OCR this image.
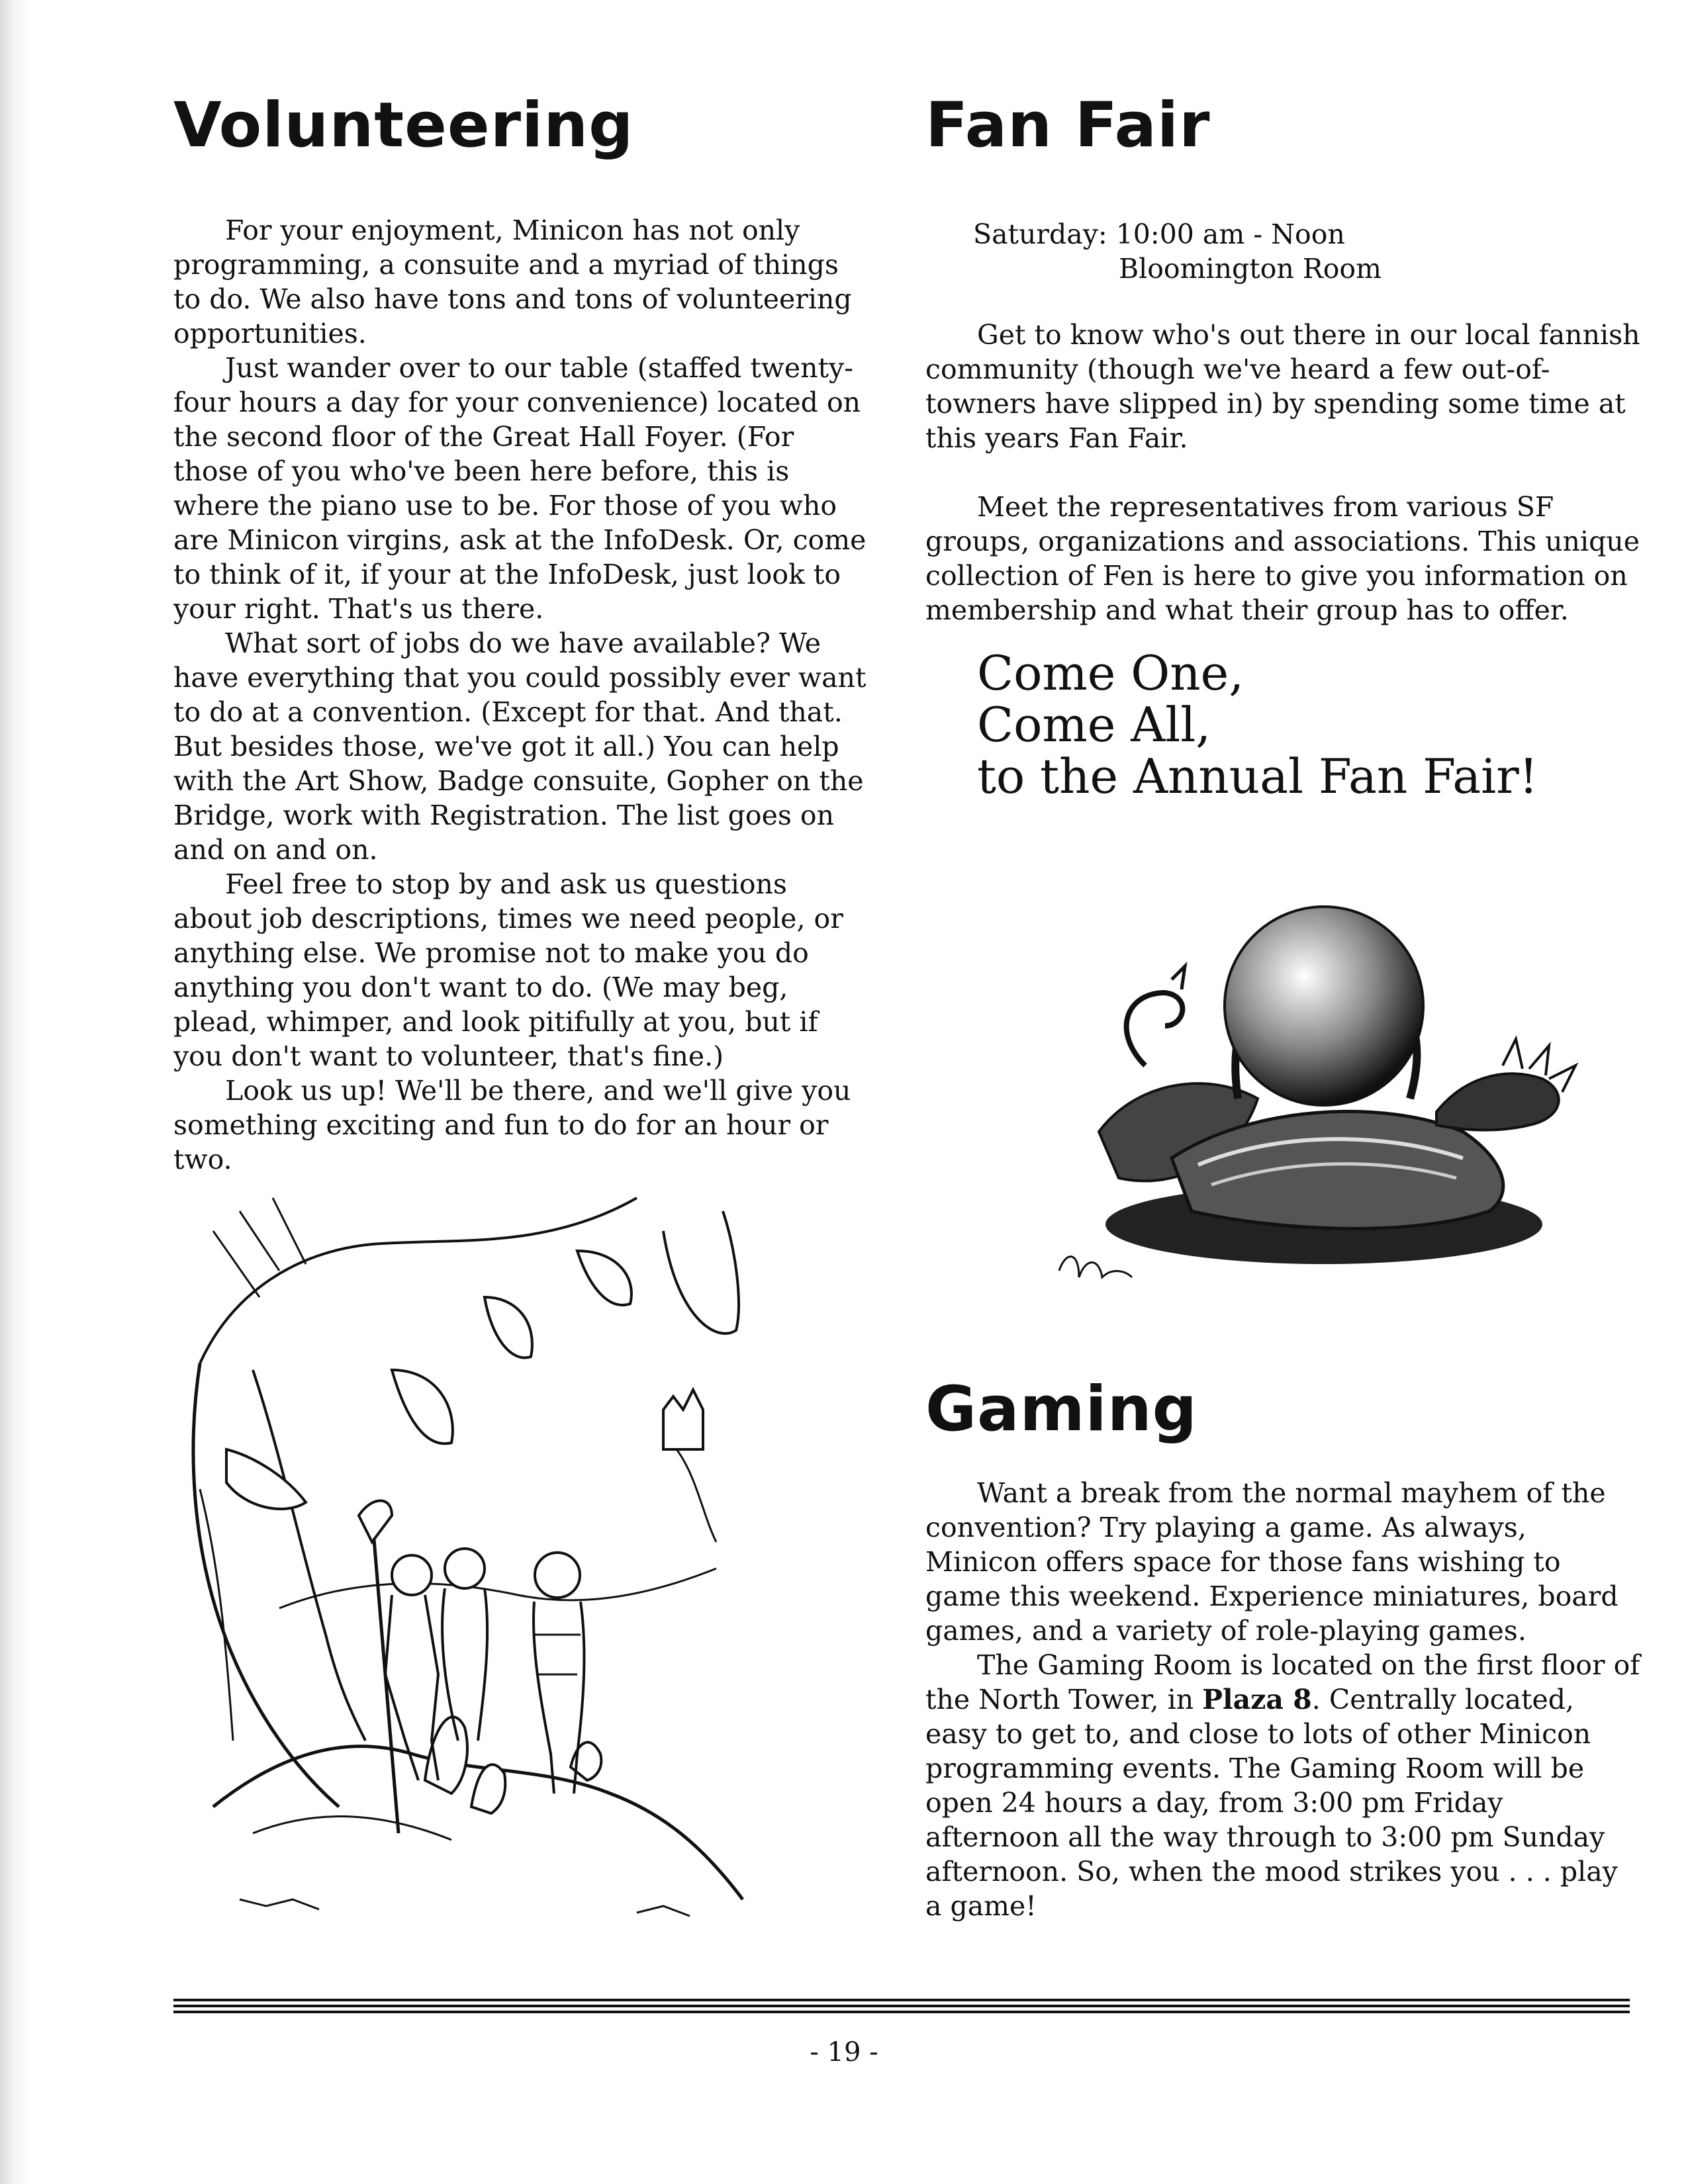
Volunteering

For your enjoyment, Minicon has not only programming, a consuite and a myriad of things to do. We also have tons and tons of volunteering opportunities.

Just wander over to our table (staffed twenty-four hours a day for your convenience) located on the second floor of the Great Hall Foyer. (For those of you who've been here before, this is where the piano use to be. For those of you who are Minicon virgins, ask at the InfoDesk. Or, come to think of it, if your at the InfoDesk, just look to your right. That's us there.

What sort of jobs do we have available? We have everything that you could possibly ever want to do at a convention. (Except for that. And that. But besides those, we've got it all.) You can help with the Art Show, Badge consuite, Gopher on the Bridge, work with Registration. The list goes on and on and on.

Feel free to stop by and ask us questions about job descriptions, times we need people, or anything else. We promise not to make you do anything you don't want to do. (We may beg, plead, whimper, and look pitifully at you, but if you don't want to volunteer, that's fine.)

Look us up! We'll be there, and we'll give you something exciting and fun to do for an hour or two.

Fan Fair
Saturday: 10:00 am - Noon
Bloomington Room

Get to know who's out there in our local fannish community (though we've heard a few out-of-towners have slipped in) by spending some time at this years Fan Fair.

Meet the representatives from various SF groups, organizations and associations. This unique collection of Fen is here to give you information on membership and what their group has to offer.

Come One,
Come All,
to the Annual Fan Fair!
Gaming

Want a break from the normal mayhem of the convention? Try playing a game. As always, Minicon offers space for those fans wishing to game this weekend. Experience miniatures, board games, and a variety of role-playing games.

The Gaming Room is located on the first floor of the North Tower, in Plaza 8. Centrally located, easy to get to, and close to lots of other Minicon programming events. The Gaming Room will be open 24 hours a day, from 3:00 pm Friday afternoon all the way through to 3:00 pm Sunday afternoon. So, when the mood strikes you . . . play a game!

- 19 -
